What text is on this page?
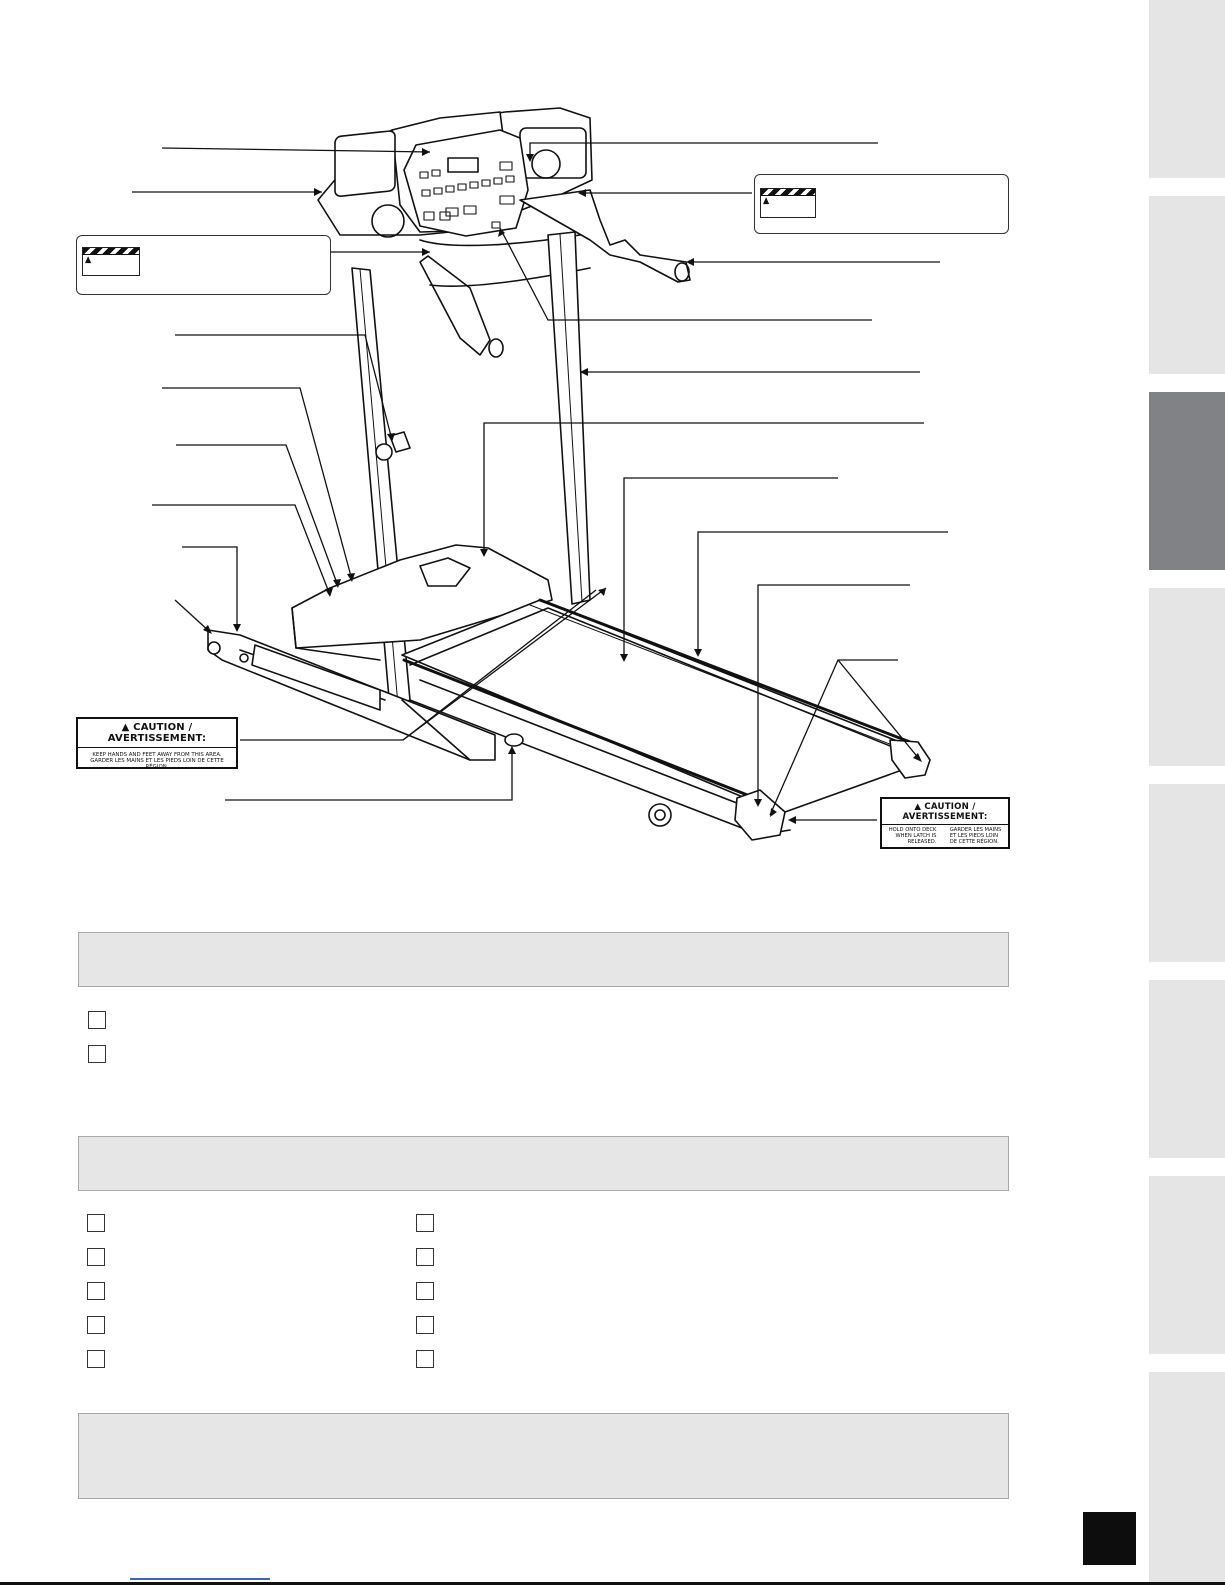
▲
▲
▲ CAUTION / AVERTISSEMENT:
KEEP HANDS AND FEET AWAY FROM THIS AREA.
GARDER LES MAINS ET LES PIEDS LOIN DE CETTE RÉGION.
▲ CAUTION / AVERTISSEMENT:
HOLD ONTO DECK
WHEN LATCH IS
RELEASED.
GARDER LES MAINS
ET LES PIEDS LOIN
DE CETTE RÉGION.
